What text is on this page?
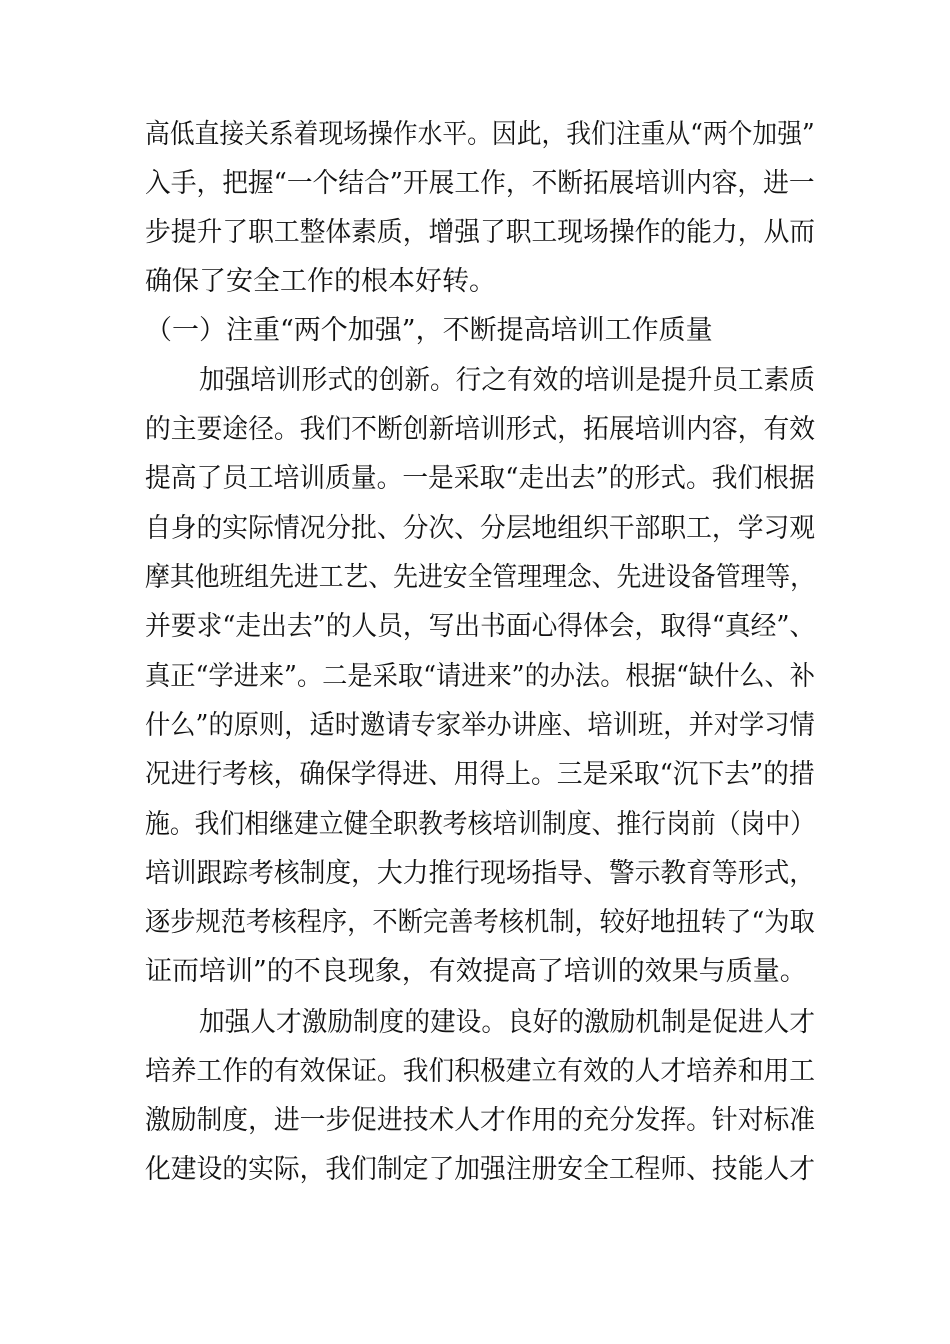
高低直接关系着现场操作水平。因此，我们注重从“两个加强”
入手，把握“一个结合”开展工作，不断拓展培训内容，进一
步提升了职工整体素质，增强了职工现场操作的能力，从而
确保了安全工作的根本好转。
（一）注重“两个加强”，不断提高培训工作质量
加强培训形式的创新。行之有效的培训是提升员工素质
的主要途径。我们不断创新培训形式，拓展培训内容，有效
提高了员工培训质量。一是采取“走出去”的形式。我们根据
自身的实际情况分批、分次、分层地组织干部职工，学习观
摩其他班组先进工艺、先进安全管理理念、先进设备管理等，
并要求“走出去”的人员，写出书面心得体会，取得“真经”、
真正“学进来”。二是采取“请进来”的办法。根据“缺什么、补
什么”的原则，适时邀请专家举办讲座、培训班，并对学习情
况进行考核，确保学得进、用得上。三是采取“沉下去”的措
施。我们相继建立健全职教考核培训制度、推行岗前（岗中）
培训跟踪考核制度，大力推行现场指导、警示教育等形式，
逐步规范考核程序，不断完善考核机制，较好地扭转了“为取
证而培训”的不良现象，有效提高了培训的效果与质量。
加强人才激励制度的建设。良好的激励机制是促进人才
培养工作的有效保证。我们积极建立有效的人才培养和用工
激励制度，进一步促进技术人才作用的充分发挥。针对标准
化建设的实际，我们制定了加强注册安全工程师、技能人才
